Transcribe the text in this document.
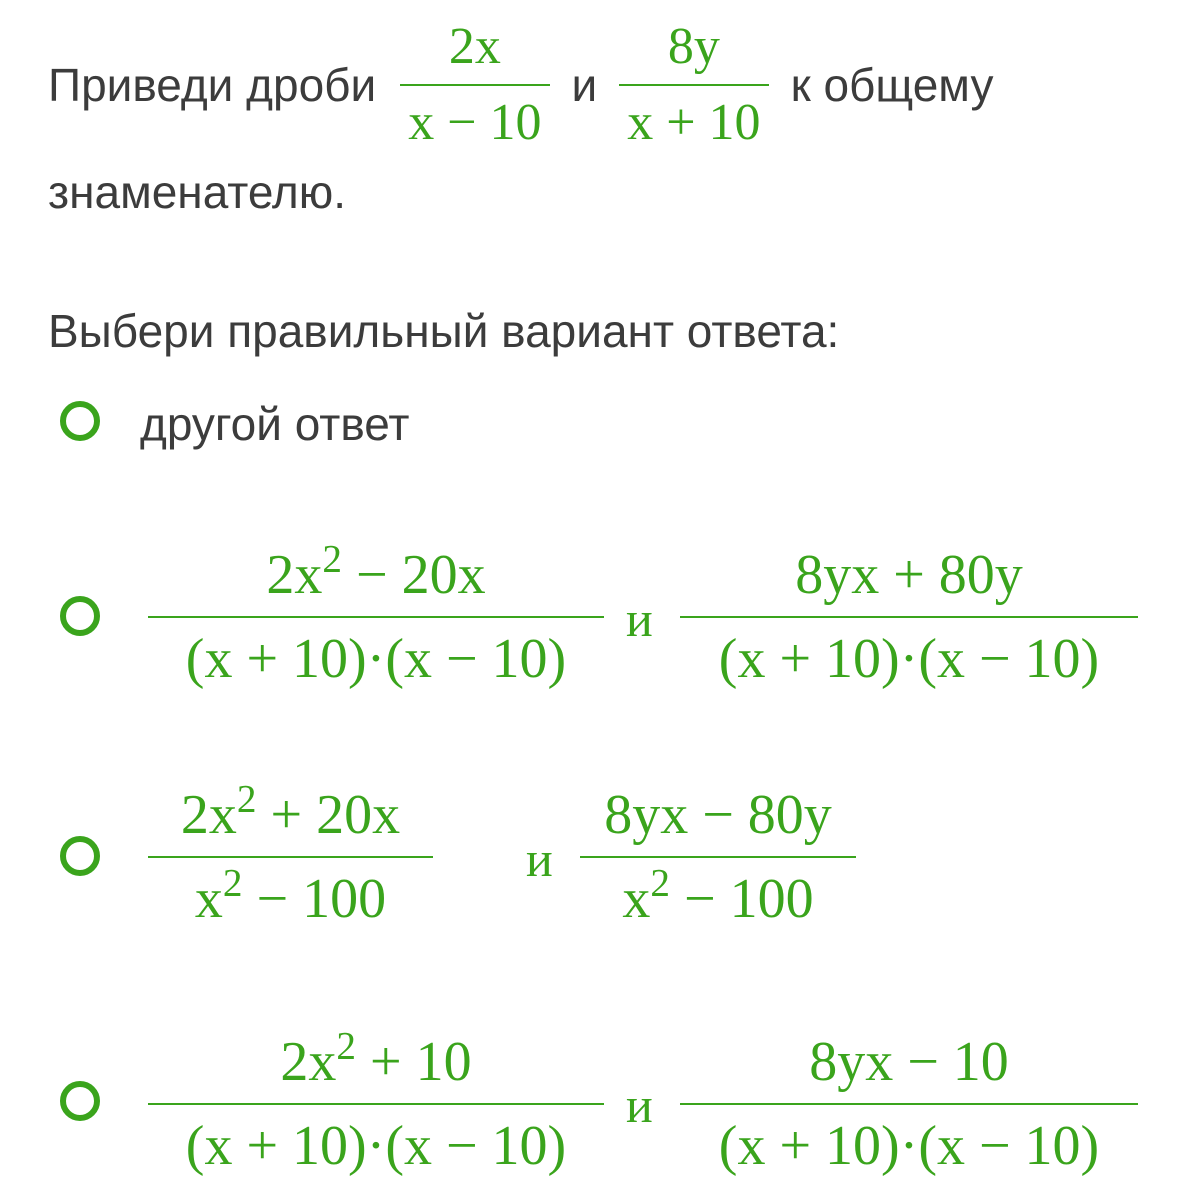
Приведи дроби $\frac{2x}{x - 10}$ и $\frac{8y}{x + 10}$ к общему
знаменателю.
Выбери правильный вариант ответа:
другой ответ
$2x^2 - 20x$
(x + 10)·(x − 10)
и
8yx + 80y
(x + 10)·(x − 10)
$2x^2 + 20x$
$x^2 - 100$
и
8yx − 80y
$x^2 - 100$
$2x^2 + 10$
(x + 10)·(x − 10)
и
8yx − 10
(x + 10)·(x − 10)
